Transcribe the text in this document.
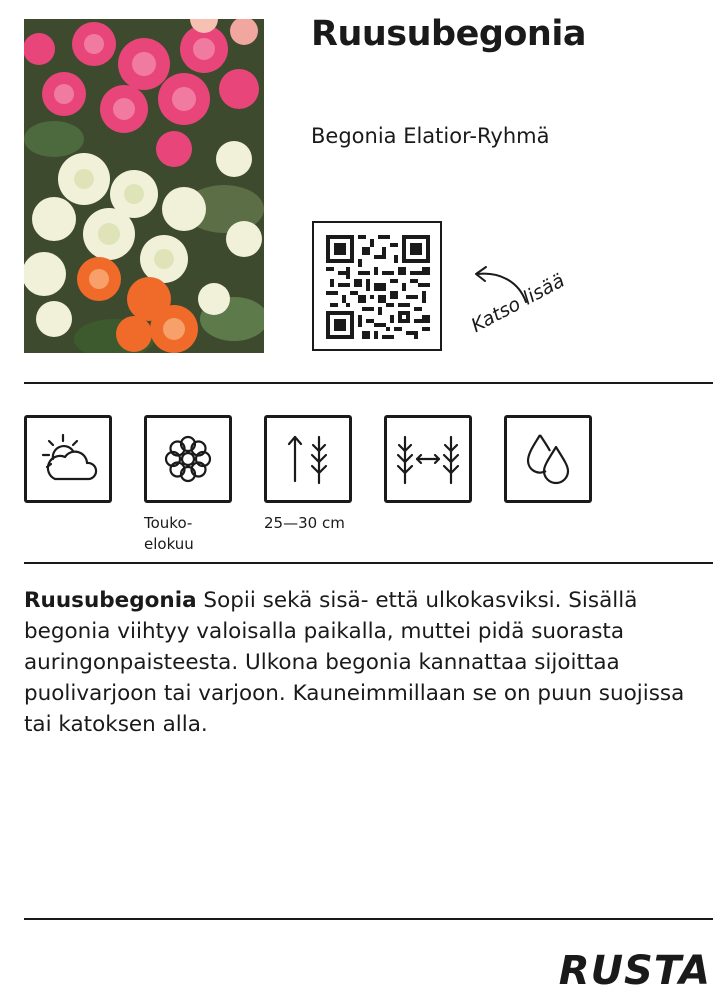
Ruusubegonia
Begonia Elatior-Ryhmä
Katso lisää
Touko-
elokuu
25—30 cm
Ruusubegonia Sopii sekä sisä- että ulkokasviksi. Sisällä begonia viihtyy valoisalla paikalla, muttei pidä suorasta auringonpaisteesta. Ulkona begonia kannattaa sijoittaa puolivarjoon tai varjoon. Kauneimmillaan se on puun suojissa tai katoksen alla.
RUSTA
